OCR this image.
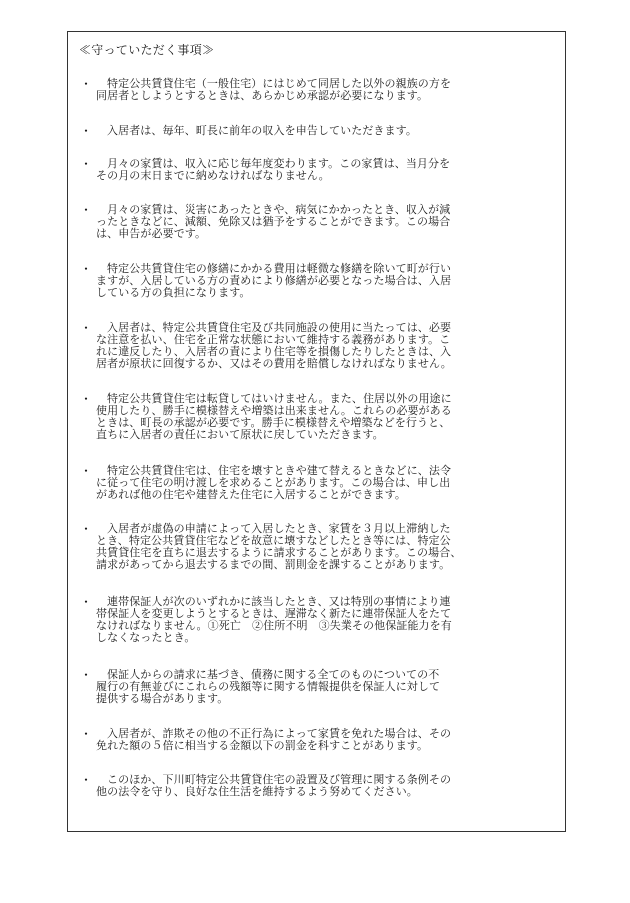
≪守っていただく事項≫
・	特定公共賃貸住宅（一般住宅）にはじめて同居した以外の親族の方を
同居者としようとするときは、あらかじめ承認が必要になります。
・	入居者は、毎年、町長に前年の収入を申告していただきます。
・	月々の家賃は、収入に応じ毎年度変わります。この家賃は、当月分を
その月の末日までに納めなければなりません。
・	月々の家賃は、災害にあったときや、病気にかかったとき、収入が減
ったときなどに、減額、免除又は猶予をすることができます。この場合
は、申告が必要です。
・	特定公共賃貸住宅の修繕にかかる費用は軽微な修繕を除いて町が行い
ますが、入居している方の責めにより修繕が必要となった場合は、入居
している方の負担になります。
・	入居者は、特定公共賃貸住宅及び共同施設の使用に当たっては、必要
な注意を払い、住宅を正常な状態において維持する義務があります。こ
れに違反したり、入居者の責により住宅等を損傷したりしたときは、入
居者が原状に回復するか、又はその費用を賠償しなければなりません。
・	特定公共賃貸住宅は転貸してはいけません。また、住居以外の用途に
使用したり、勝手に模様替えや増築は出来ません。これらの必要がある
ときは、町長の承認が必要です。勝手に模様替えや増築などを行うと、
直ちに入居者の責任において原状に戻していただきます。
・	特定公共賃貸住宅は、住宅を壊すときや建て替えるときなどに、法令
に従って住宅の明け渡しを求めることがあります。この場合は、申し出
があれば他の住宅や建替えた住宅に入居することができます。
・	入居者が虚偽の申請によって入居したとき、家賃を３月以上滞納した
とき、特定公共賃貸住宅などを故意に壊すなどしたとき等には、特定公
共賃貸住宅を直ちに退去するように請求することがあります。この場合、
請求があってから退去するまでの間、罰則金を課することがあります。
・	連帯保証人が次のいずれかに該当したとき、又は特別の事情により連
帯保証人を変更しようとするときは、遅滞なく新たに連帯保証人をたて
なければなりません。①死亡　②住所不明　③失業その他保証能力を有
しなくなったとき。
・	保証人からの請求に基づき、債務に関する全てのものについての不
履行の有無並びにこれらの残額等に関する情報提供を保証人に対して
提供する場合があります。
・	入居者が、詐欺その他の不正行為によって家賃を免れた場合は、その
免れた額の５倍に相当する金額以下の罰金を科すことがあります。
・	このほか、下川町特定公共賃貸住宅の設置及び管理に関する条例その
他の法令を守り、良好な住生活を維持するよう努めてください。
